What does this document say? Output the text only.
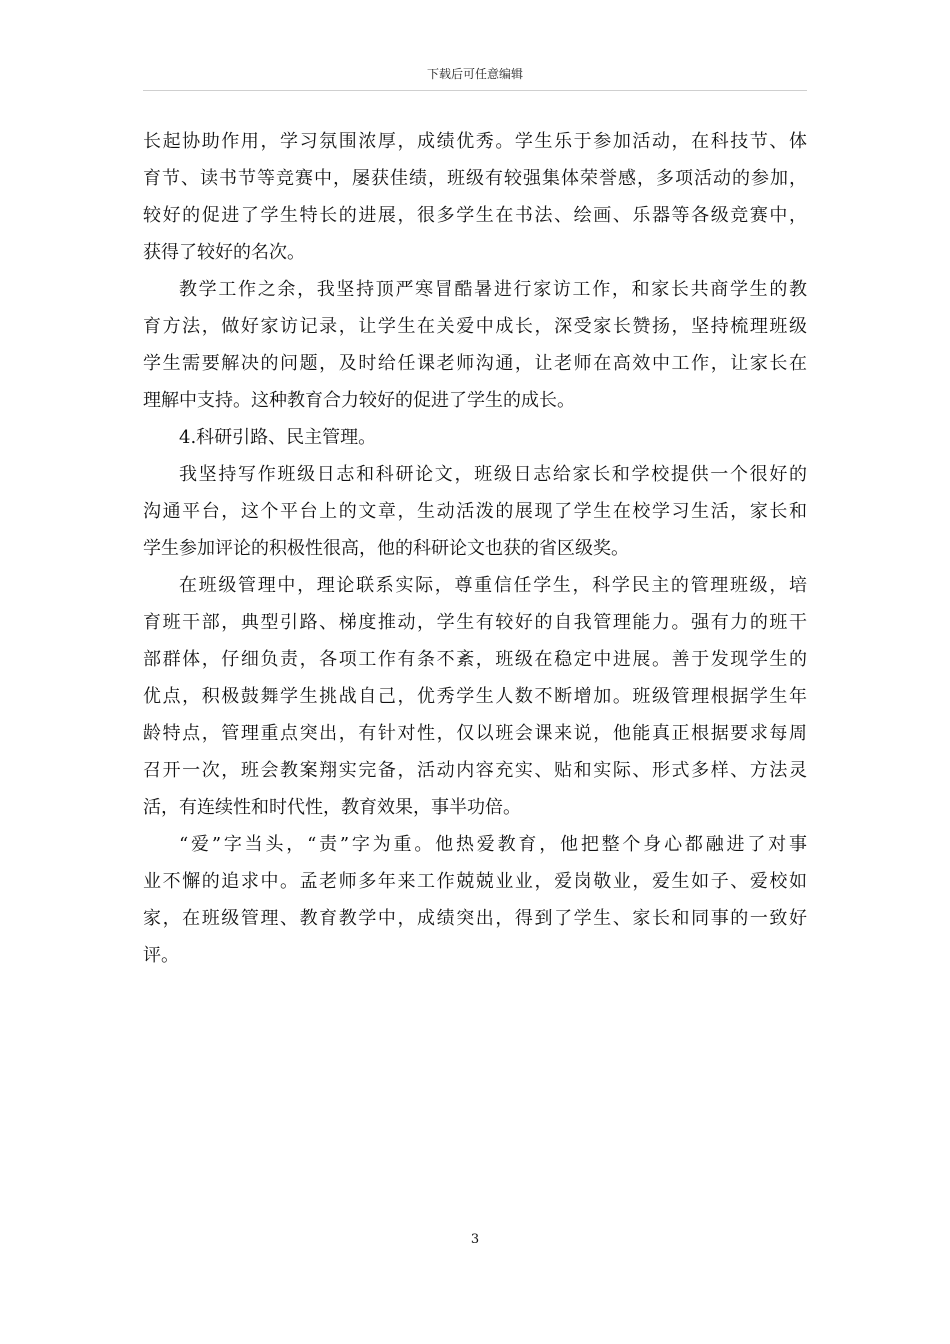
下载后可任意编辑
长起协助作用，学习氛围浓厚，成绩优秀。学生乐于参加活动，在科技节、体
育节、读书节等竞赛中，屡获佳绩，班级有较强集体荣誉感，多项活动的参加，
较好的促进了学生特长的进展，很多学生在书法、绘画、乐器等各级竞赛中，
获得了较好的名次。
教学工作之余，我坚持顶严寒冒酷暑进行家访工作，和家长共商学生的教
育方法，做好家访记录，让学生在关爱中成长，深受家长赞扬，坚持梳理班级
学生需要解决的问题，及时给任课老师沟通，让老师在高效中工作，让家长在
理解中支持。这种教育合力较好的促进了学生的成长。
4.科研引路、民主管理。
我坚持写作班级日志和科研论文，班级日志给家长和学校提供一个很好的
沟通平台，这个平台上的文章，生动活泼的展现了学生在校学习生活，家长和
学生参加评论的积极性很高，他的科研论文也获的省区级奖。
在班级管理中，理论联系实际，尊重信任学生，科学民主的管理班级，培
育班干部，典型引路、梯度推动，学生有较好的自我管理能力。强有力的班干
部群体，仔细负责，各项工作有条不紊，班级在稳定中进展。善于发现学生的
优点，积极鼓舞学生挑战自己，优秀学生人数不断增加。班级管理根据学生年
龄特点，管理重点突出，有针对性，仅以班会课来说，他能真正根据要求每周
召开一次，班会教案翔实完备，活动内容充实、贴和实际、形式多样、方法灵
活，有连续性和时代性，教育效果，事半功倍。
“爱”字当头，“责”字为重。他热爱教育，他把整个身心都融进了对事
业不懈的追求中。孟老师多年来工作兢兢业业，爱岗敬业，爱生如子、爱校如
家，在班级管理、教育教学中，成绩突出，得到了学生、家长和同事的一致好
评。
3
